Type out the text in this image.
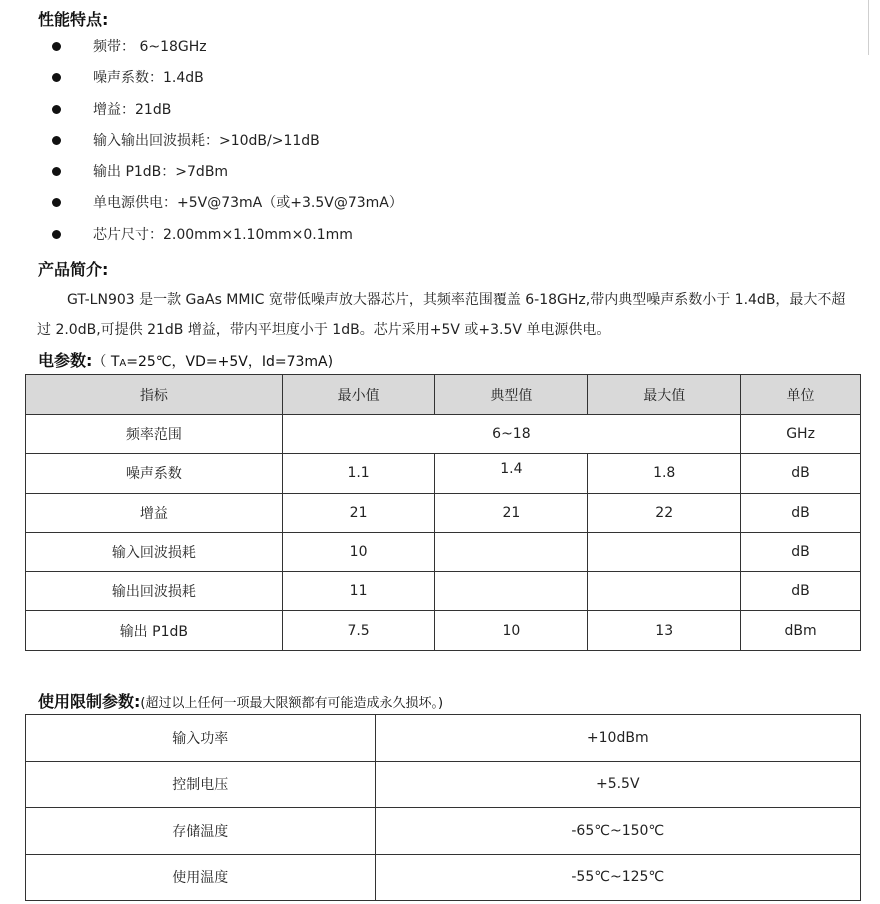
性能特点:
频带： 6~18GHz
噪声系数：1.4dB
增益：21dB
输入输出回波损耗：>10dB/>11dB
输出 P1dB：>7dBm
单电源供电：+5V@73mA（或+3.5V@73mA）
芯片尺寸：2.00mm×1.10mm×0.1mm
产品简介:

GT-LN903 是一款 GaAs MMIC 宽带低噪声放大器芯片，其频率范围覆盖 6-18GHz,带内典型噪声系数小于 1.4dB，最大不超过 2.0dB,可提供 21dB 增益，带内平坦度小于 1dB。芯片采用+5V 或+3.5V 单电源供电。

电参数:（ TA=25℃，VD=+5V，Id=73mA)
指标	最小值	典型值	最大值	单位
频率范围	6~18			GHz
噪声系数	1.1	1.4	1.8	dB
增益	21	21	22	dB
输入回波损耗	10			dB
输出回波损耗	11			dB
输出 P1dB	7.5	10	13	dBm
使用限制参数:(超过以上任何一项最大限额都有可能造成永久损坏。)
输入功率	+10dBm
控制电压	+5.5V
存储温度	-65℃~150℃
使用温度	-55℃~125℃
